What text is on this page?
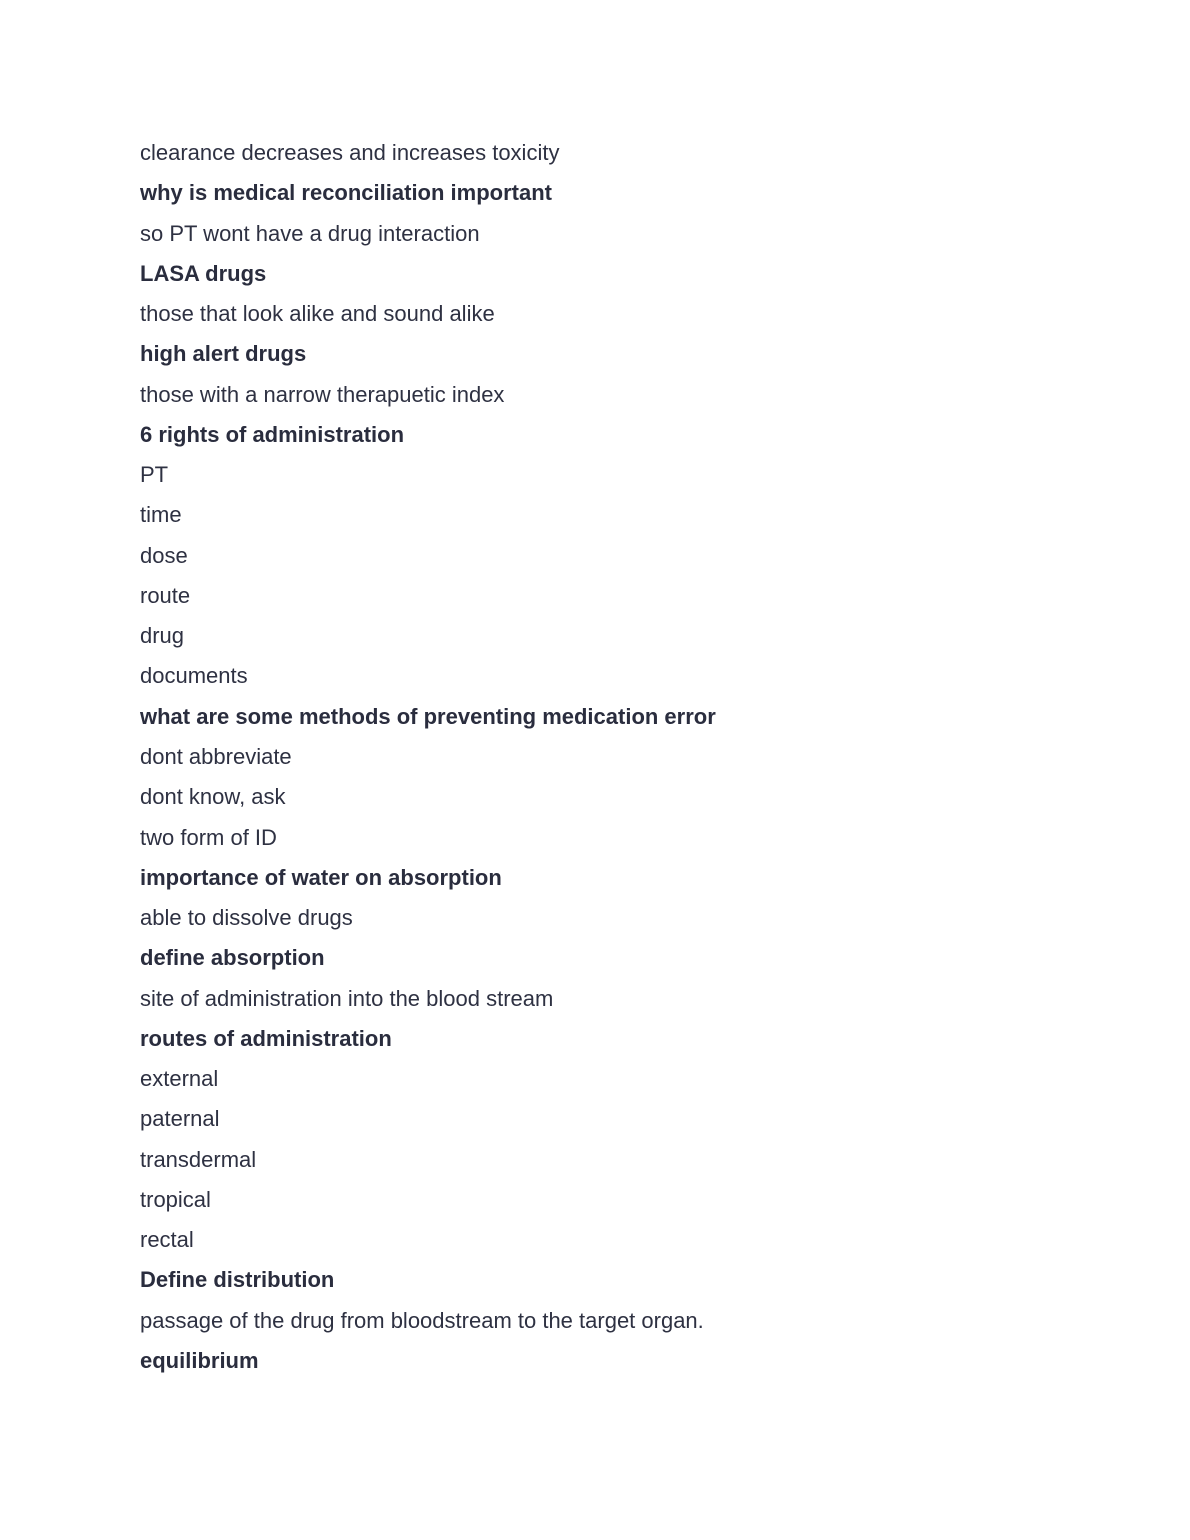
clearance decreases and increases toxicity
why is medical reconciliation important
so PT wont have a drug interaction
LASA drugs
those that look alike and sound alike
high alert drugs
those with a narrow therapuetic index
6 rights of administration
PT
time
dose
route
drug
documents
what are some methods of preventing medication error
dont abbreviate
dont know, ask
two form of ID
importance of water on absorption
able to dissolve drugs
define absorption
site of administration into the blood stream
routes of administration
external
paternal
transdermal
tropical
rectal
Define distribution
passage of the drug from bloodstream to the target organ.
equilibrium
